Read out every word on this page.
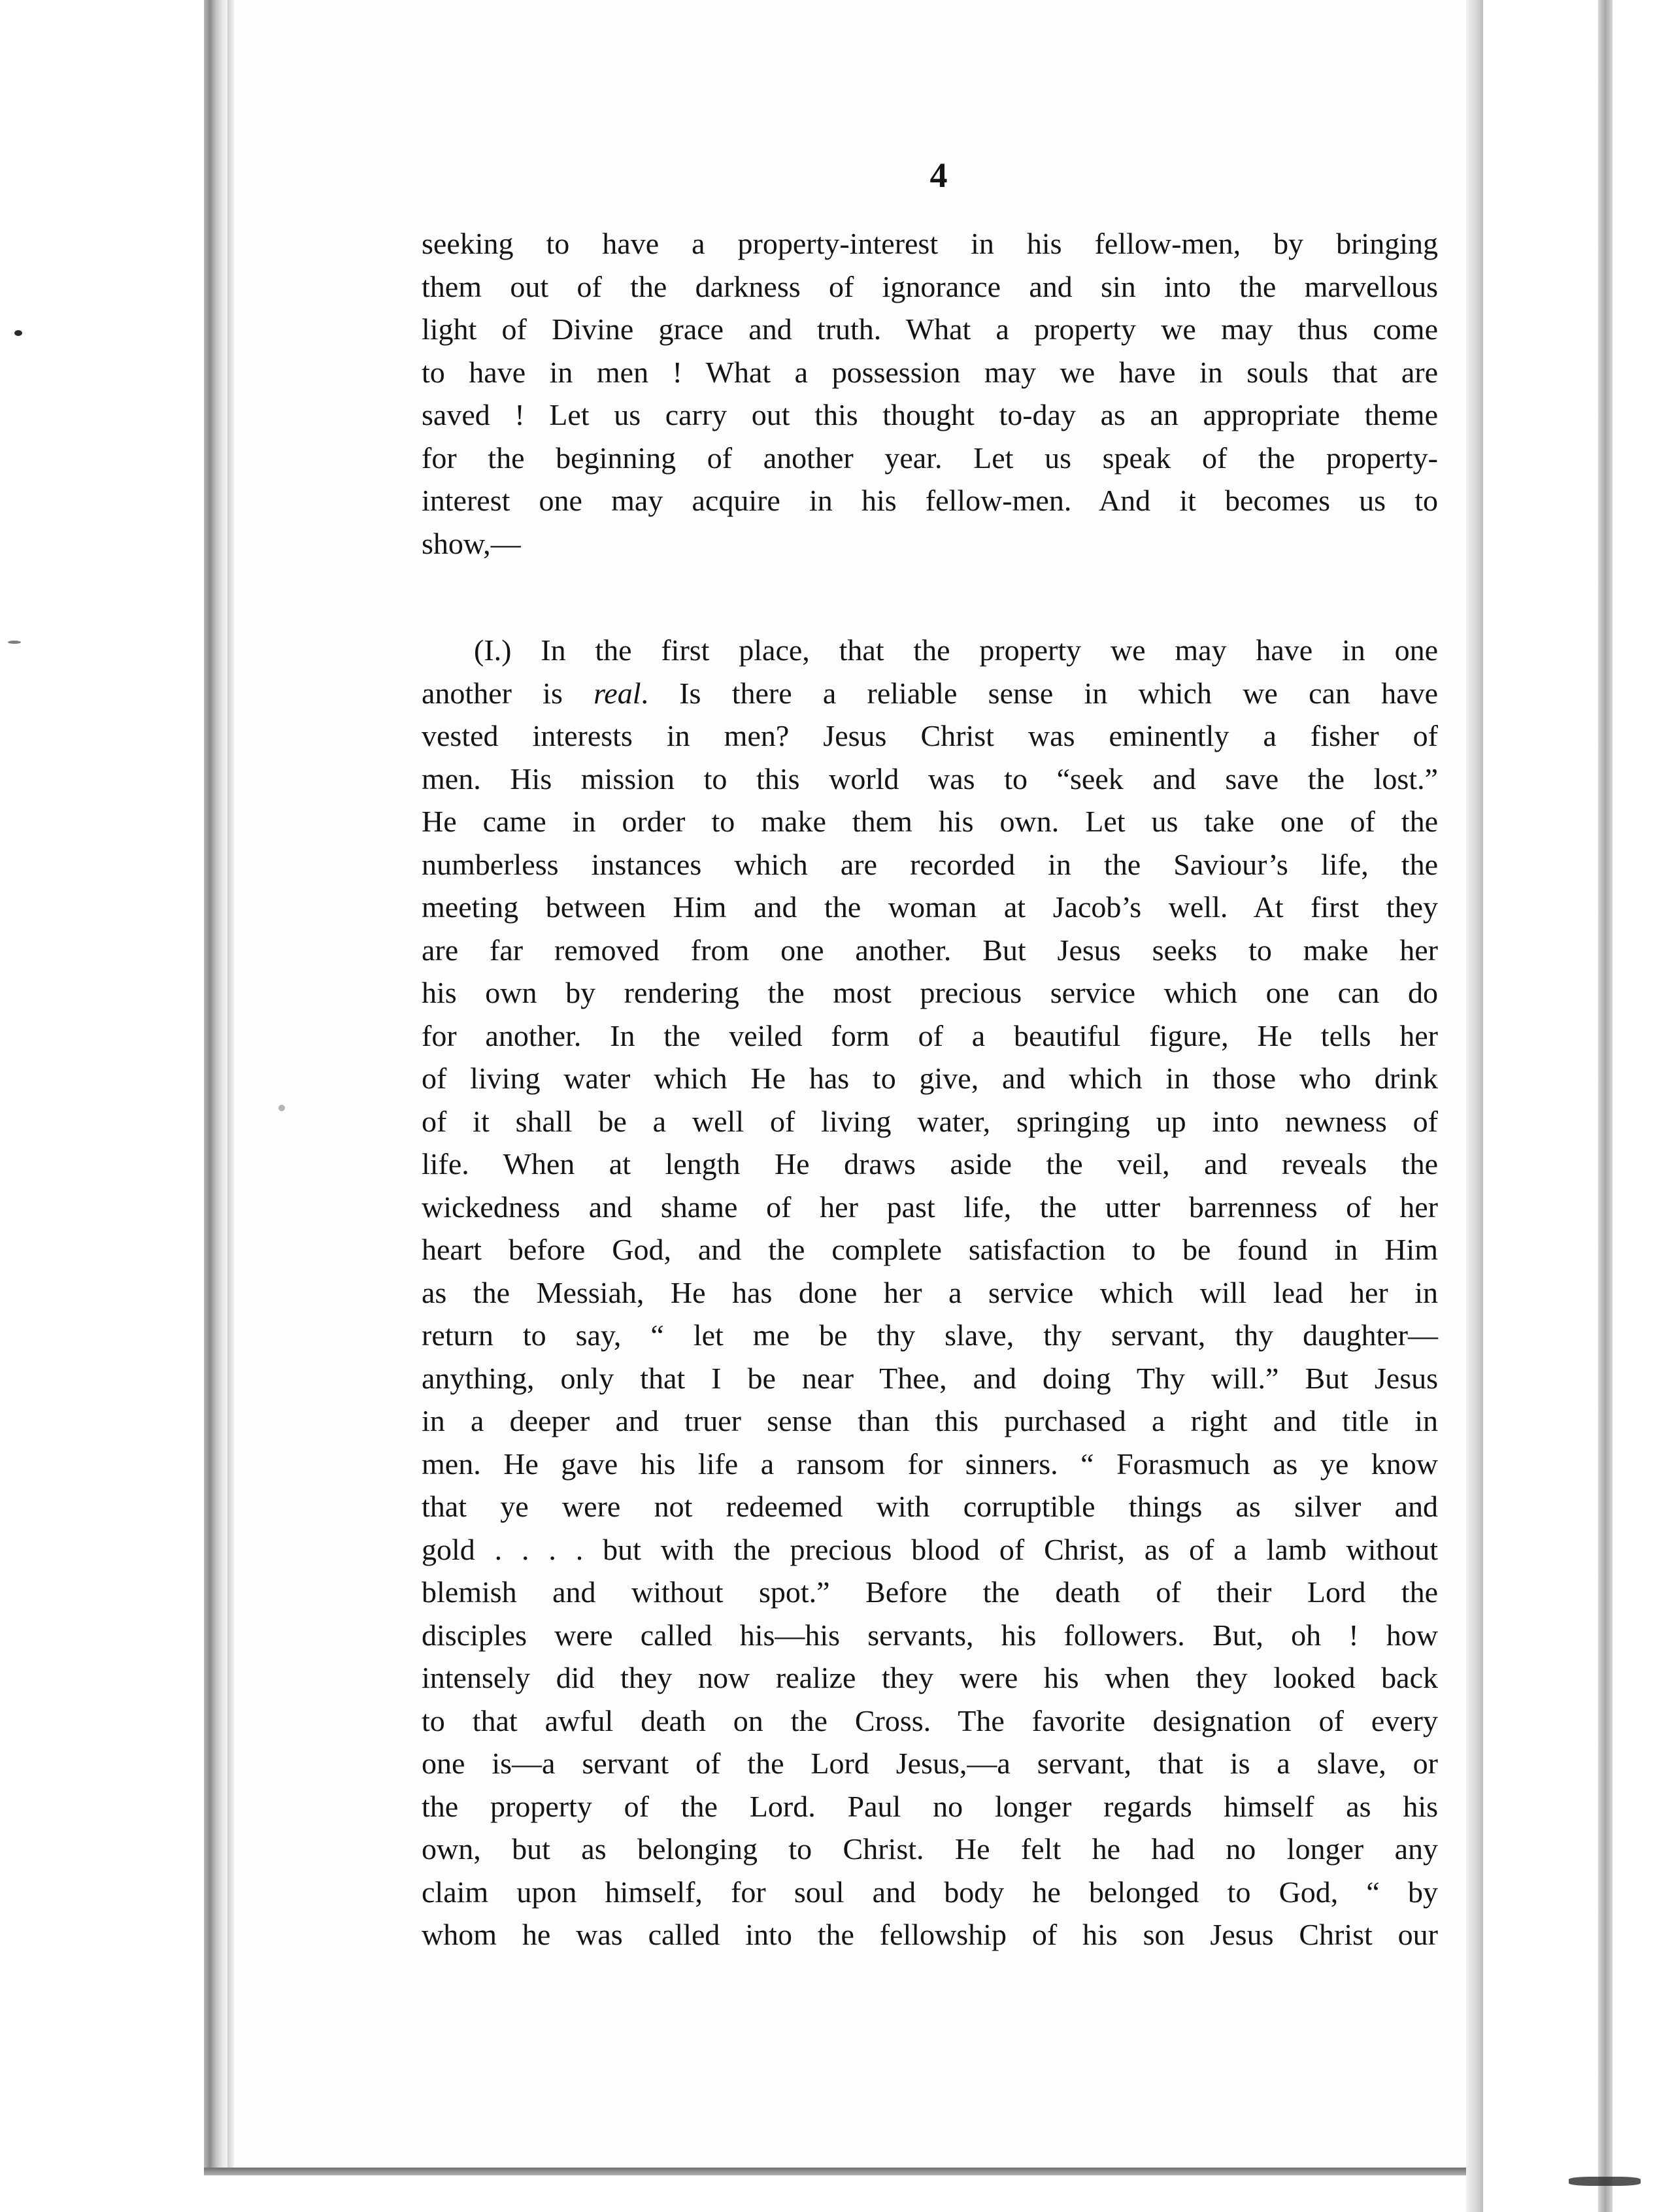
4
seeking to have a property-interest in his fellow-men, by bringing
them out of the darkness of ignorance and sin into the marvellous
light of Divine grace and truth. What a property we may thus come
to have in men ! What a possession may we have in souls that are
saved ! Let us carry out this thought to-day as an appropriate theme
for the beginning of another year. Let us speak of the property-
interest one may acquire in his fellow-men. And it becomes us to
show,—
(I.) In the first place, that the property we may have in one
another is real. Is there a reliable sense in which we can have
vested interests in men? Jesus Christ was eminently a fisher of
men. His mission to this world was to “seek and save the lost.”
He came in order to make them his own. Let us take one of the
numberless instances which are recorded in the Saviour’s life, the
meeting between Him and the woman at Jacob’s well. At first they
are far removed from one another. But Jesus seeks to make her
his own by rendering the most precious service which one can do
for another. In the veiled form of a beautiful figure, He tells her
of living water which He has to give, and which in those who drink
of it shall be a well of living water, springing up into newness of
life. When at length He draws aside the veil, and reveals the
wickedness and shame of her past life, the utter barrenness of her
heart before God, and the complete satisfaction to be found in Him
as the Messiah, He has done her a service which will lead her in
return to say, “ let me be thy slave, thy servant, thy daughter—
anything, only that I be near Thee, and doing Thy will.” But Jesus
in a deeper and truer sense than this purchased a right and title in
men. He gave his life a ransom for sinners. “ Forasmuch as ye know
that ye were not redeemed with corruptible things as silver and
gold . . . . but with the precious blood of Christ, as of a lamb without
blemish and without spot.” Before the death of their Lord the
disciples were called his—his servants, his followers. But, oh ! how
intensely did they now realize they were his when they looked back
to that awful death on the Cross. The favorite designation of every
one is—a servant of the Lord Jesus,—a servant, that is a slave, or
the property of the Lord. Paul no longer regards himself as his
own, but as belonging to Christ. He felt he had no longer any
claim upon himself, for soul and body he belonged to God, “ by
whom he was called into the fellowship of his son Jesus Christ our
